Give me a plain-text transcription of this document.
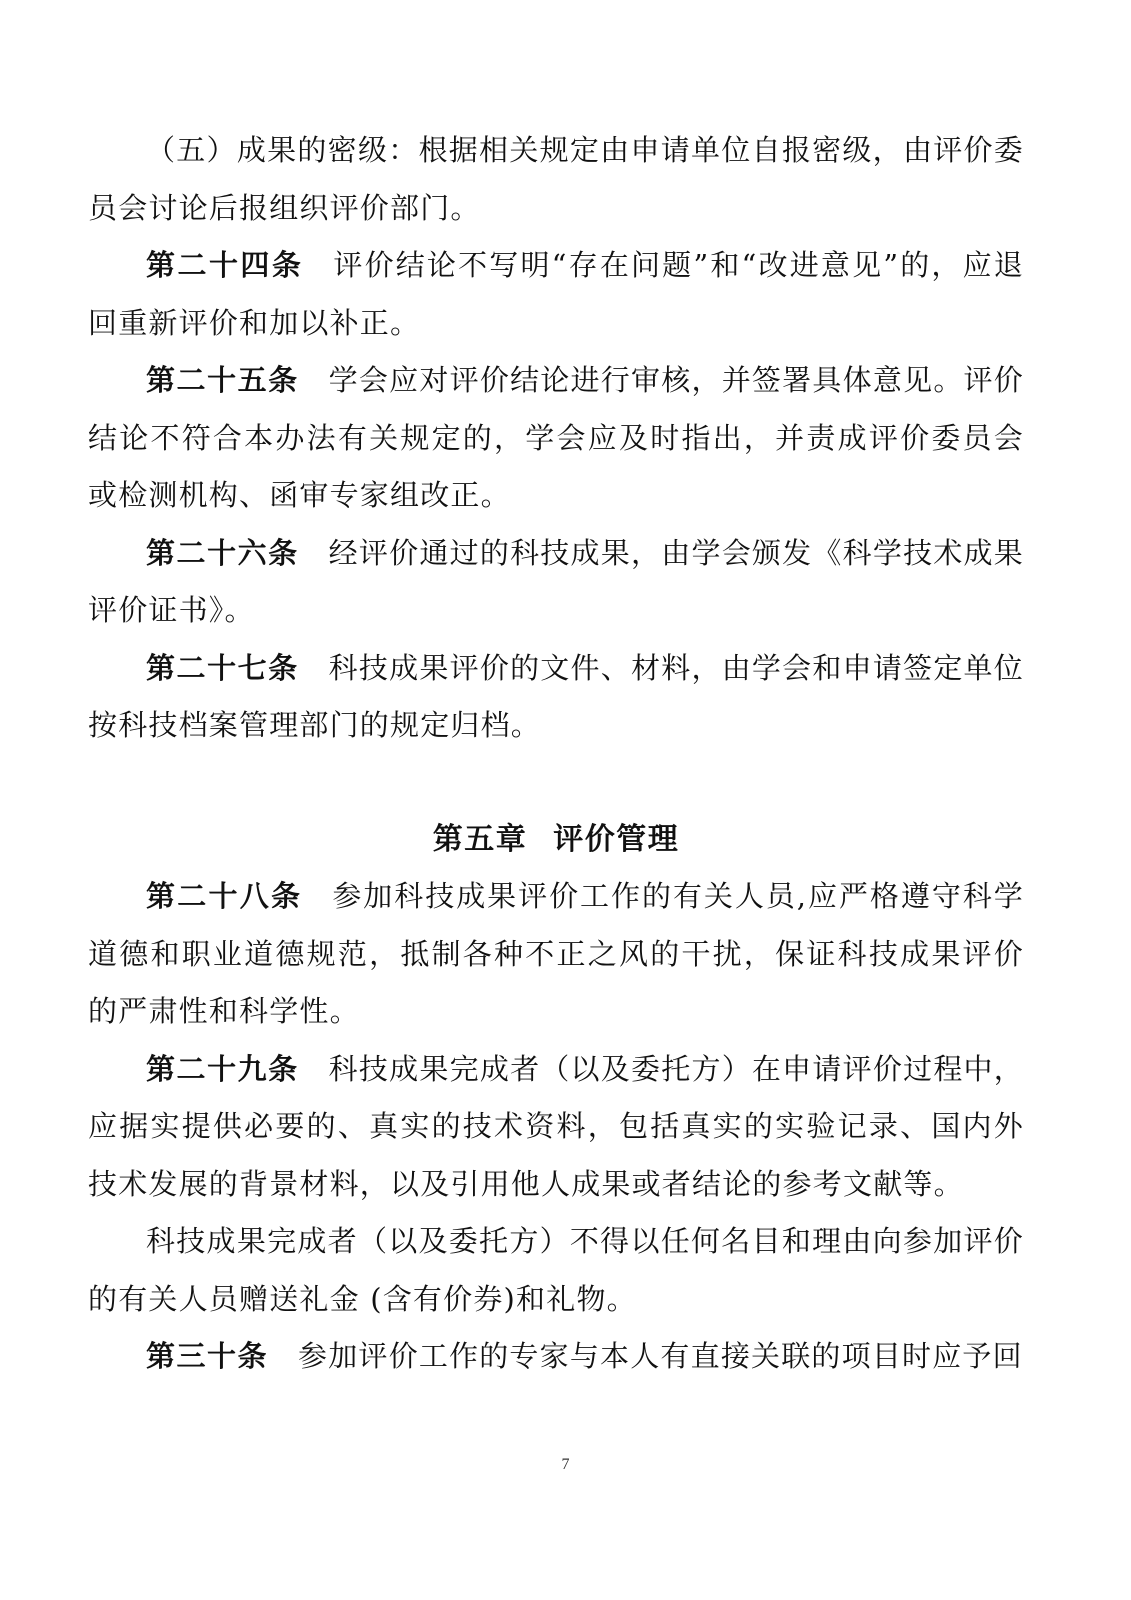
（五）成果的密级：根据相关规定由申请单位自报密级，由评价委员会讨论后报组织评价部门。

第二十四条 评价结论不写明“存在问题”和“改进意见”的，应退回重新评价和加以补正。

第二十五条 学会应对评价结论进行审核，并签署具体意见。评价结论不符合本办法有关规定的，学会应及时指出，并责成评价委员会或检测机构、函审专家组改正。

第二十六条 经评价通过的科技成果，由学会颁发《科学技术成果评价证书》。

第二十七条 科技成果评价的文件、材料，由学会和申请签定单位按科技档案管理部门的规定归档。

第五章 评价管理

第二十八条 参加科技成果评价工作的有关人员,应严格遵守科学道德和职业道德规范，抵制各种不正之风的干扰，保证科技成果评价的严肃性和科学性。

第二十九条 科技成果完成者（以及委托方）在申请评价过程中，应据实提供必要的、真实的技术资料，包括真实的实验记录、国内外技术发展的背景材料，以及引用他人成果或者结论的参考文献等。

科技成果完成者（以及委托方）不得以任何名目和理由向参加评价的有关人员赠送礼金 (含有价券)和礼物。

第三十条 参加评价工作的专家与本人有直接关联的项目时应予回

7
